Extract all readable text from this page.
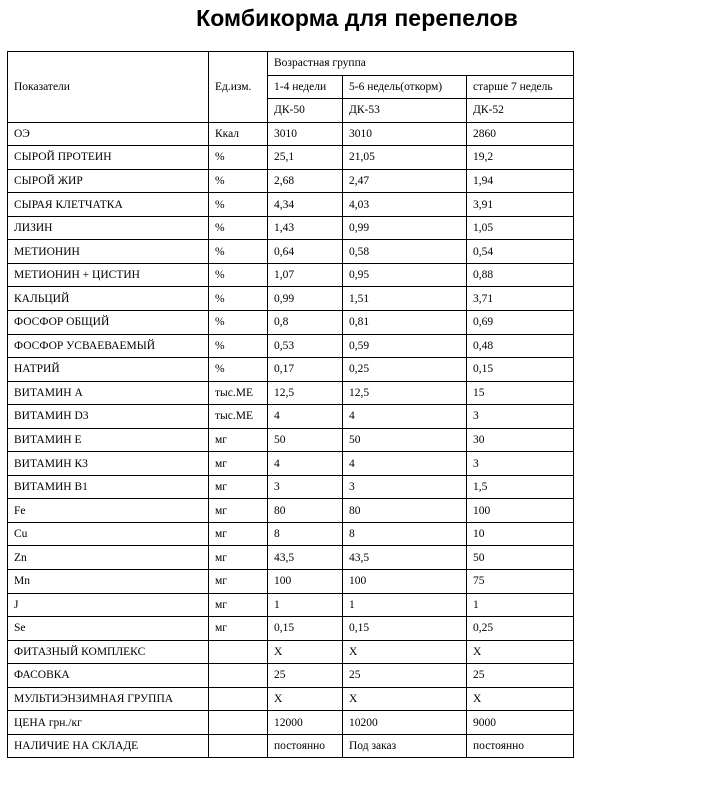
Комбикорма для перепелов
Показатели	Ед.изм.	Возрастная группа		
		1-4 недели	5-6 недель(откорм)	старше 7 недель
		ДК-50	ДК-53	ДК-52
ОЭ	Ккал	3010	3010	2860
СЫРОЙ ПРОТЕИН	%	25,1	21,05	19,2
СЫРОЙ ЖИР	%	2,68	2,47	1,94
СЫРАЯ КЛЕТЧАТКА	%	4,34	4,03	3,91
ЛИЗИН	%	1,43	0,99	1,05
МЕТИОНИН	%	0,64	0,58	0,54
МЕТИОНИН + ЦИСТИН	%	1,07	0,95	0,88
КАЛЬЦИЙ	%	0,99	1,51	3,71
ФОСФОР ОБЩИЙ	%	0,8	0,81	0,69
ФОСФОР УСВАЕВАЕМЫЙ	%	0,53	0,59	0,48
НАТРИЙ	%	0,17	0,25	0,15
ВИТАМИН А	тыс.МЕ	12,5	12,5	15
ВИТАМИН D3	тыс.МЕ	4	4	3
ВИТАМИН Е	мг	50	50	30
ВИТАМИН К3	мг	4	4	3
ВИТАМИН В1	мг	3	3	1,5
Fe	мг	80	80	100
Cu	мг	8	8	10
Zn	мг	43,5	43,5	50
Mn	мг	100	100	75
J	мг	1	1	1
Se	мг	0,15	0,15	0,25
ФИТАЗНЫЙ КОМПЛЕКС		Х	Х	Х
ФАСОВКА		25	25	25
МУЛЬТИЭНЗИМНАЯ ГРУППА		Х	Х	Х
ЦЕНА грн./кг		12000	10200	9000
НАЛИЧИЕ НА СКЛАДЕ		постоянно	Под заказ	постоянно
